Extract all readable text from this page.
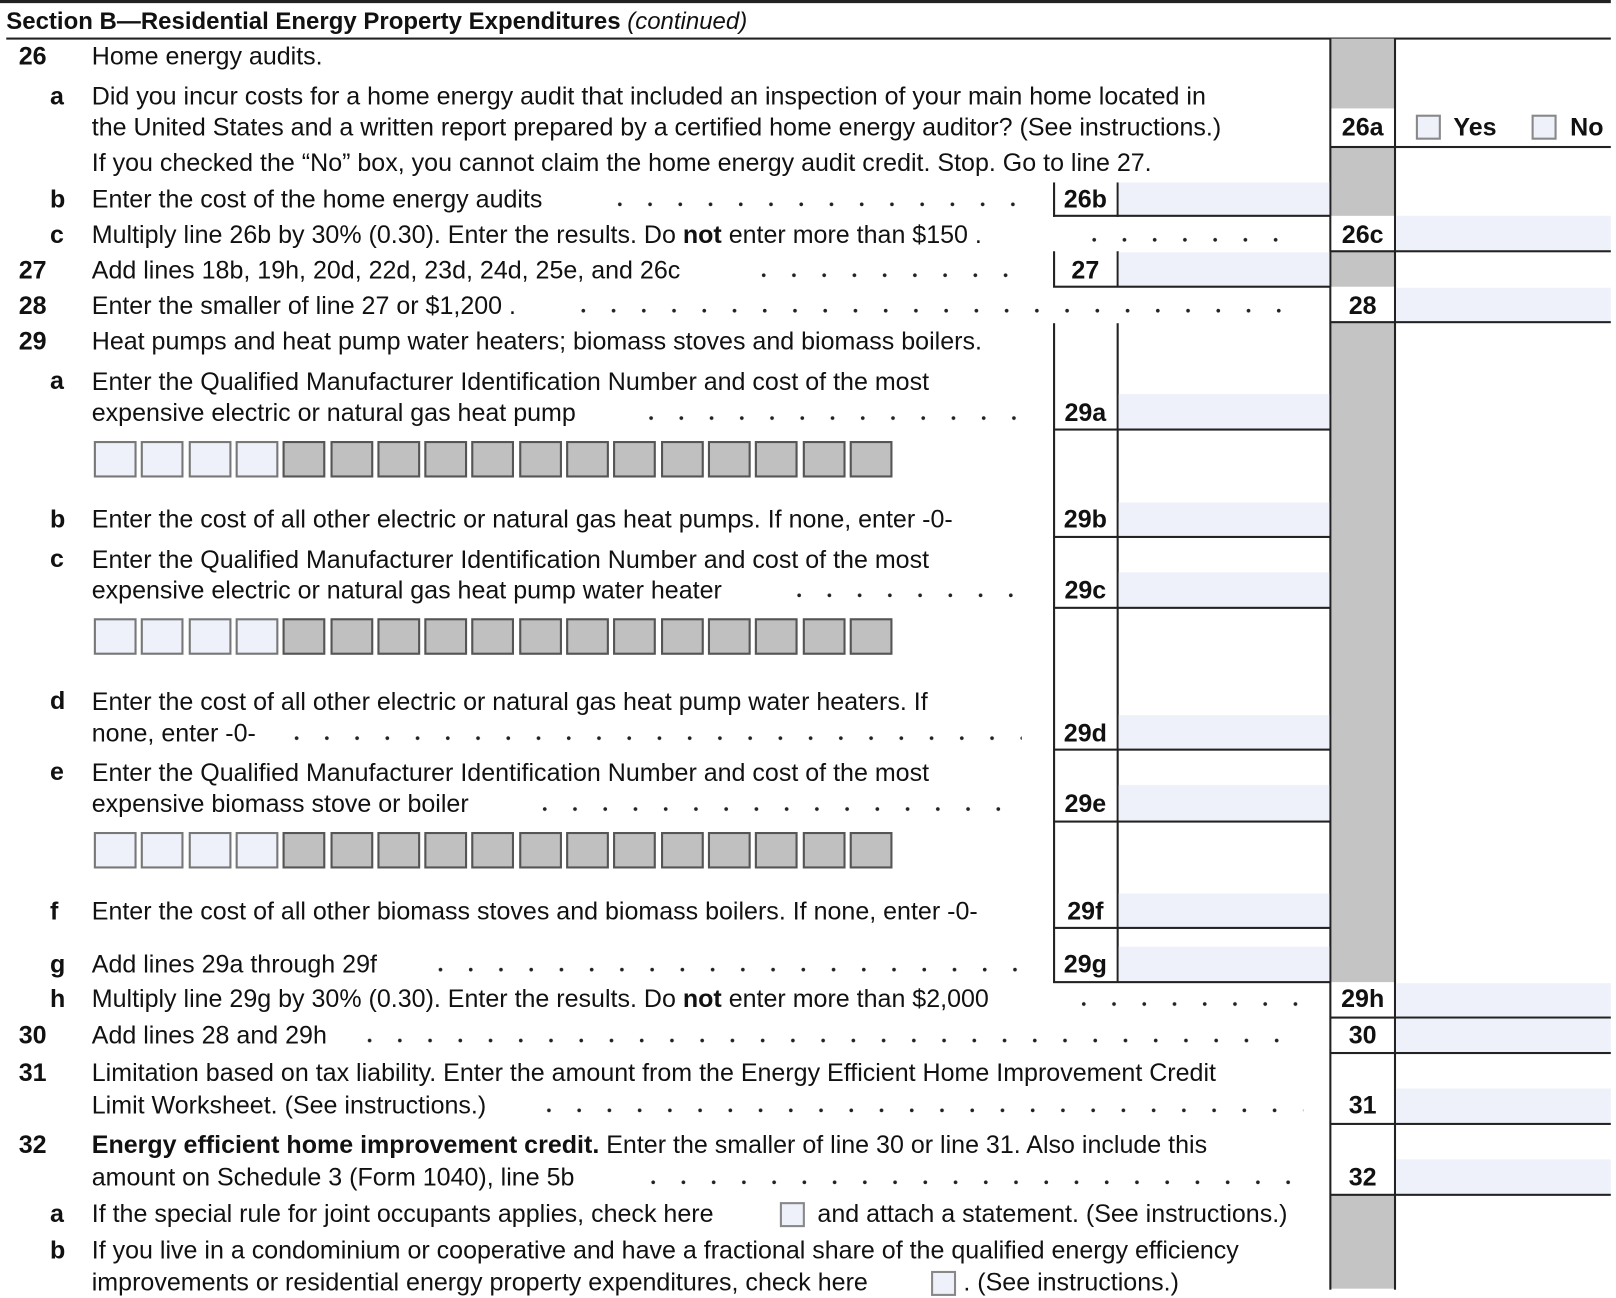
Section B—Residential Energy Property Expenditures (continued)
26 Home energy audits.
a Did you incur costs for a home energy audit that included an inspection of your main home located in
the United States and a written report prepared by a certified home energy auditor? (See instructions.)
If you checked the “No” box, you cannot claim the home energy audit credit. Stop. Go to line 27.
26a	Yes	No
b Enter the cost of the home energy audits	26b
c Multiply line 26b by 30% (0.30). Enter the results. Do not enter more than $150 .	26c
27 Add lines 18b, 19h, 20d, 22d, 23d, 24d, 25e, and 26c	27
28 Enter the smaller of line 27 or $1,200 .	28
29 Heat pumps and heat pump water heaters; biomass stoves and biomass boilers.
a Enter the Qualified Manufacturer Identification Number and cost of the most
expensive electric or natural gas heat pump	29a
b Enter the cost of all other electric or natural gas heat pumps. If none, enter -0-	29b
c Enter the Qualified Manufacturer Identification Number and cost of the most
expensive electric or natural gas heat pump water heater	29c
d Enter the cost of all other electric or natural gas heat pump water heaters. If
none, enter -0-	29d
e Enter the Qualified Manufacturer Identification Number and cost of the most
expensive biomass stove or boiler	29e
f Enter the cost of all other biomass stoves and biomass boilers. If none, enter -0-	29f
g Add lines 29a through 29f	29g
h Multiply line 29g by 30% (0.30). Enter the results. Do not enter more than $2,000	29h
30 Add lines 28 and 29h	30
31 Limitation based on tax liability. Enter the amount from the Energy Efficient Home Improvement Credit
Limit Worksheet. (See instructions.)	31
32 Energy efficient home improvement credit. Enter the smaller of line 30 or line 31. Also include this
amount on Schedule 3 (Form 1040), line 5b	32
a If the special rule for joint occupants applies, check here	and attach a statement. (See instructions.)
b If you live in a condominium or cooperative and have a fractional share of the qualified energy efficiency
improvements or residential energy property expenditures, check here	. (See instructions.)
